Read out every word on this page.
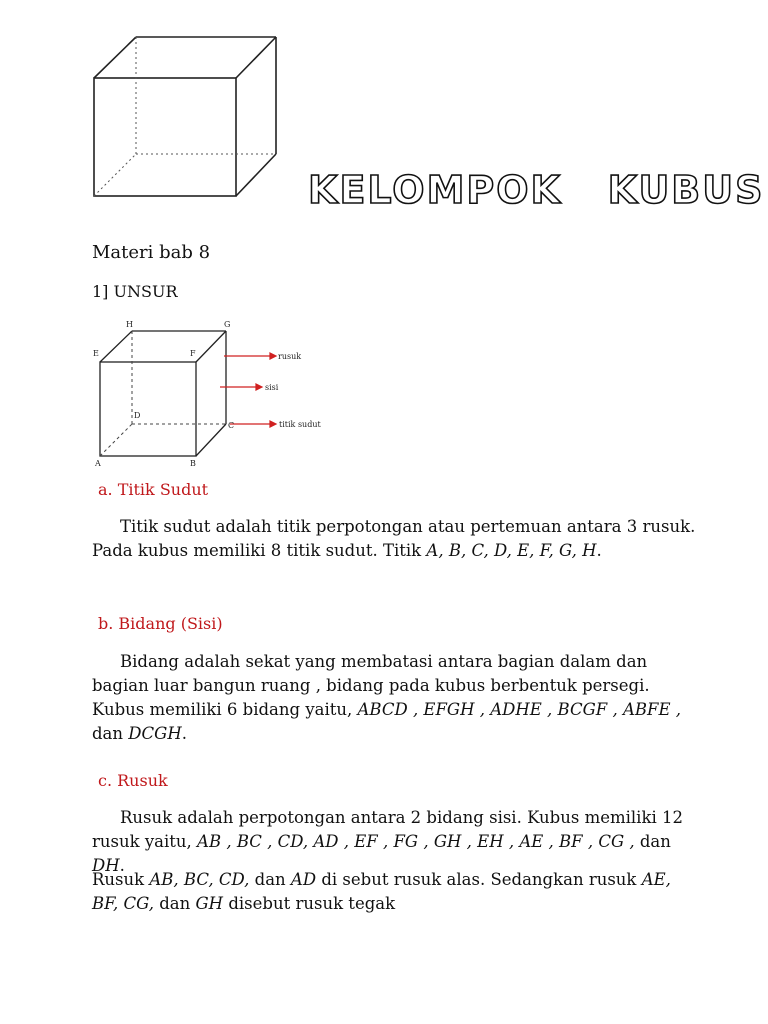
KELOMPOK   KUBUS
Materi bab 8
1] UNSUR
H	G
E	F
D
C
A	B
rusuk
sisi
titik sudut
a. Titik Sudut
Titik sudut adalah titik perpotongan atau pertemuan antara 3 rusuk. Pada kubus memiliki 8 titik sudut. Titik A, B, C, D, E, F, G, H.
b. Bidang (Sisi)
Bidang adalah sekat yang membatasi antara bagian dalam dan bagian luar bangun ruang , bidang pada kubus berbentuk persegi. Kubus memiliki 6 bidang yaitu, ABCD , EFGH , ADHE , BCGF , ABFE , dan DCGH.
c. Rusuk
Rusuk adalah perpotongan antara 2 bidang sisi. Kubus memiliki 12 rusuk yaitu, AB , BC , CD, AD , EF , FG , GH , EH , AE , BF , CG , dan DH.
Rusuk AB, BC, CD, dan AD di sebut rusuk alas. Sedangkan rusuk AE, BF, CG, dan GH disebut rusuk tegak
